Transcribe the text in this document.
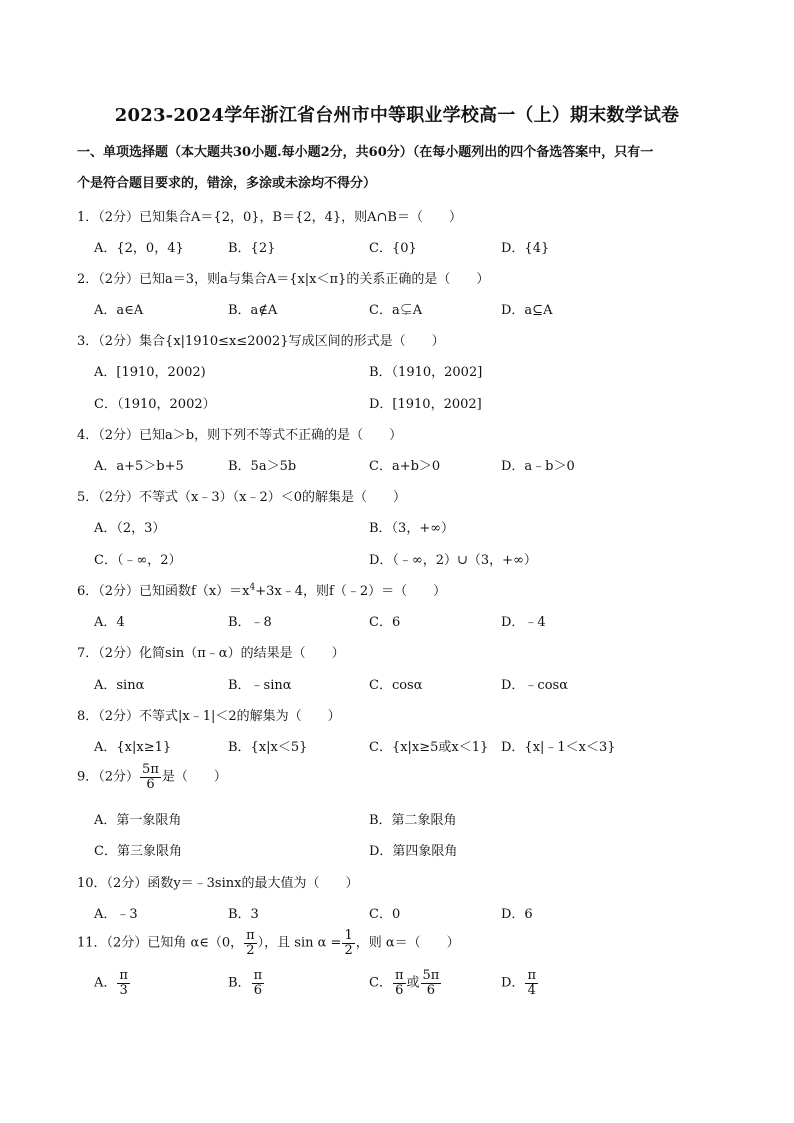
2023-2024学年浙江省台州市中等职业学校高一（上）期末数学试卷
一、单项选择题（本大题共30小题.每小题2分，共60分）（在每小题列出的四个备选答案中，只有一
个是符合题目要求的，错涂，多涂或未涂均不得分）
1．（2分）已知集合A＝{2，0}，B＝{2，4}，则A∩B＝（　　）
A．{2，0，4}	B．{2}	C．{0}	D．{4}
2．（2分）已知a＝3，则a与集合A＝{x|x＜π}的关系正确的是（　　）
A．a∈A	B．a∉A	C．a⊊A	D．a⊆A
3．（2分）集合{x|1910≤x≤2002}写成区间的形式是（　　）
A．[1910，2002)	B．（1910，2002]
C．（1910，2002）	D．[1910，2002]
4．（2分）已知a＞b，则下列不等式不正确的是（　　）
A．a+5＞b+5	B．5a＞5b	C．a+b＞0	D．a﹣b＞0
5．（2分）不等式（x﹣3）（x﹣2）＜0的解集是（　　）
A．（2，3）	B．（3，+∞）
C．（﹣∞，2）	D．（﹣∞，2）∪（3，+∞）
6．（2分）已知函数$f(x)=x^4+3x﹣4$，则f（﹣2）＝（　　）
A．4	B．﹣8	C．6	D．﹣4
7．（2分）化简sin（π﹣α）的结果是（　　）
A．sinα	B．﹣sinα	C．cosα	D．﹣cosα
8．（2分）不等式|x﹣1|＜2的解集为（　　）
A．{x|x≥1}	B．{x|x＜5}	C．{x|x≥5或x＜1} D．{x|﹣1＜x＜3}
9．（2分） $\frac{5\pi}{6}$ 是（　　）
A．第一象限角	B．第二象限角
C．第三象限角	D．第四象限角
10．（2分）函数y＝﹣3sinx的最大值为（　　）
A．﹣3	B．3	C．0	D．6
11．（2分）已知角 α∈（0， $\frac{\pi}{2}$ ），且 $\sin \alpha = \frac{1}{2}$ ，则 α＝（　　）
A． $\frac{\pi}{3}$	B． $\frac{\pi}{6}$	C． $\frac{\pi}{6}$ 或 $\frac{5\pi}{6}$	D． $\frac{\pi}{4}$
